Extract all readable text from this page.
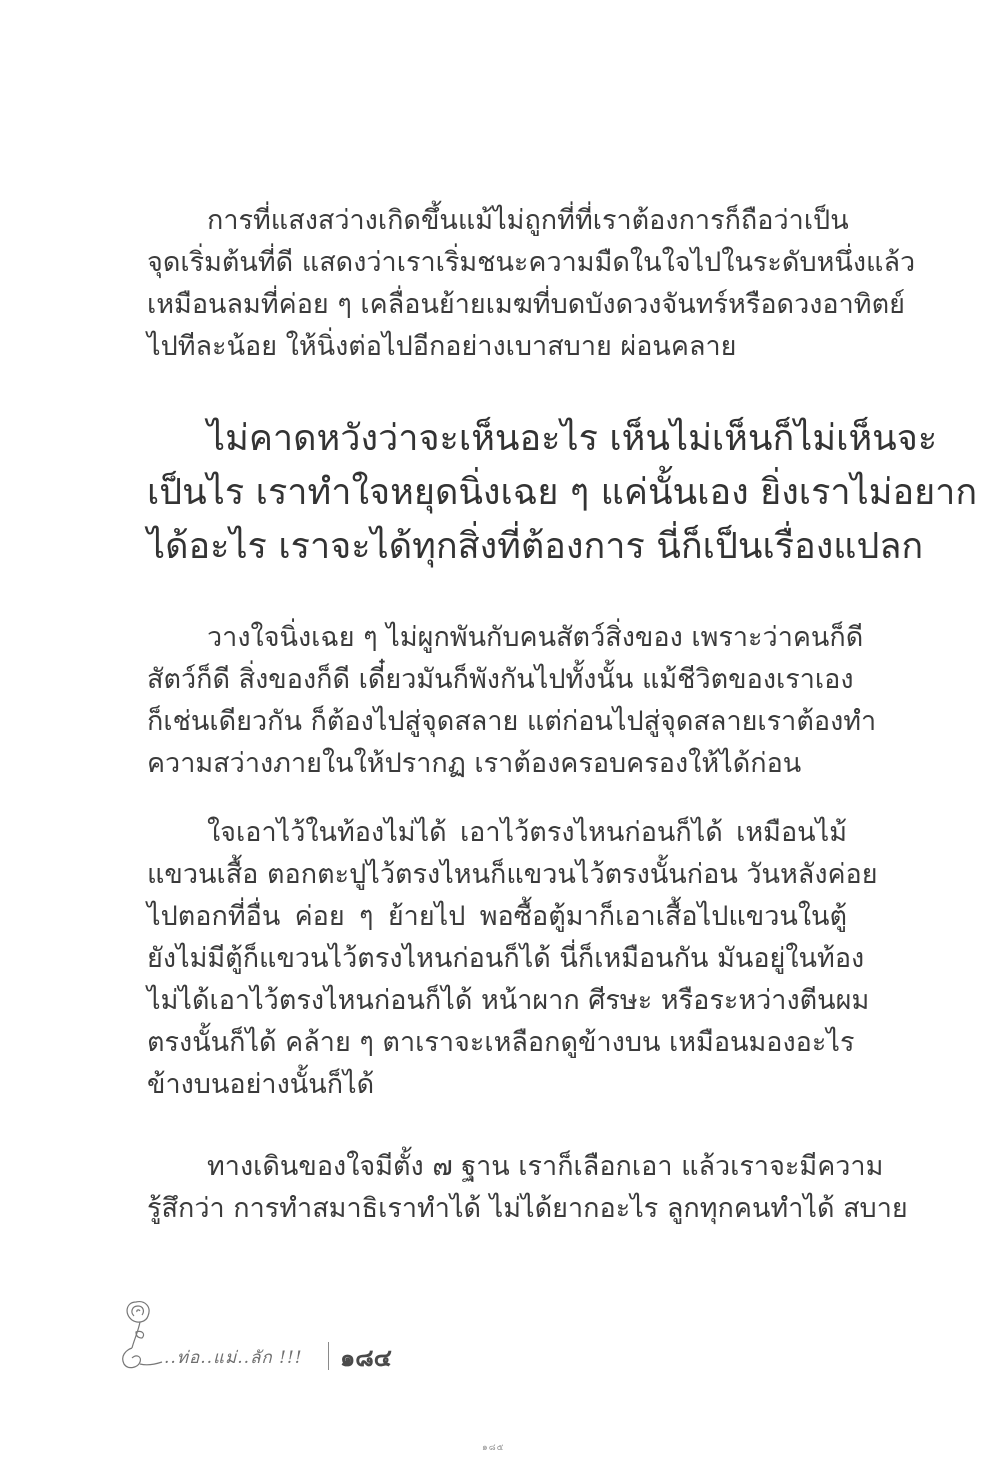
การที่แสงสว่างเกิดขึ้นแม้ไม่ถูกที่ที่เราต้องการก็ถือว่าเป็น
จุดเริ่มต้นที่ดี แสดงว่าเราเริ่มชนะความมืดในใจไปในระดับหนึ่งแล้ว
เหมือนลมที่ค่อย ๆ เคลื่อนย้ายเมฆที่บดบังดวงจันทร์หรือดวงอาทิตย์
ไปทีละน้อย ให้นิ่งต่อไปอีกอย่างเบาสบาย ผ่อนคลาย
ไม่คาดหวังว่าจะเห็นอะไร เห็นไม่เห็นก็ไม่เห็นจะ
เป็นไร เราทำใจหยุดนิ่งเฉย ๆ แค่นั้นเอง ยิ่งเราไม่อยาก
ได้อะไร เราจะได้ทุกสิ่งที่ต้องการ นี่ก็เป็นเรื่องแปลก
วางใจนิ่งเฉย ๆ ไม่ผูกพันกับคนสัตว์สิ่งของ เพราะว่าคนก็ดี
สัตว์ก็ดี สิ่งของก็ดี เดี๋ยวมันก็พังกันไปทั้งนั้น แม้ชีวิตของเราเอง
ก็เช่นเดียวกัน ก็ต้องไปสู่จุดสลาย แต่ก่อนไปสู่จุดสลายเราต้องทำ
ความสว่างภายในให้ปรากฏ เราต้องครอบครองให้ได้ก่อน
ใจเอาไว้ในท้องไม่ได้ เอาไว้ตรงไหนก่อนก็ได้ เหมือนไม้
แขวนเสื้อ ตอกตะปูไว้ตรงไหนก็แขวนไว้ตรงนั้นก่อน วันหลังค่อย
ไปตอกที่อื่น ค่อย ๆ ย้ายไป พอซื้อตู้มาก็เอาเสื้อไปแขวนในตู้
ยังไม่มีตู้ก็แขวนไว้ตรงไหนก่อนก็ได้ นี่ก็เหมือนกัน มันอยู่ในท้อง
ไม่ได้เอาไว้ตรงไหนก่อนก็ได้ หน้าผาก ศีรษะ หรือระหว่างตีนผม
ตรงนั้นก็ได้ คล้าย ๆ ตาเราจะเหลือกดูข้างบน เหมือนมองอะไร
ข้างบนอย่างนั้นก็ได้
ทางเดินของใจมีตั้ง ๗ ฐาน เราก็เลือกเอา แล้วเราจะมีความ
รู้สึกว่า การทำสมาธิเราทำได้ ไม่ได้ยากอะไร ลูกทุกคนทำได้ สบาย
..ท่อ..แม่..ลัก !!! ๑๘๔
๑๘๕
